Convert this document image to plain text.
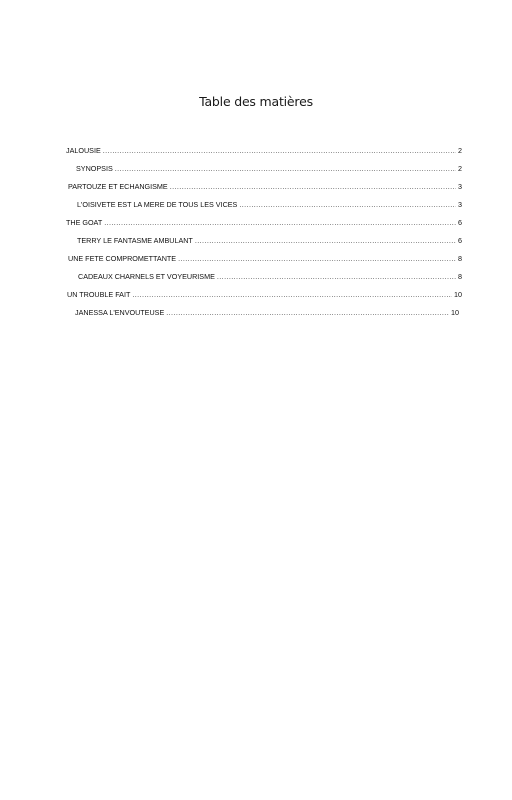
Table des matières
JALOUSIE .....	2
SYNOPSIS .....	2
PARTOUZE ET ECHANGISME .....	3
L'OISIVETE EST LA MERE DE TOUS LES VICES .....	3
THE GOAT .....	6
TERRY LE FANTASME AMBULANT .....	6
UNE FETE COMPROMETTANTE .....	8
CADEAUX CHARNELS ET VOYEURISME .....	8
UN TROUBLE FAIT .....	10
JANESSA L'ENVOUTEUSE .....	10
